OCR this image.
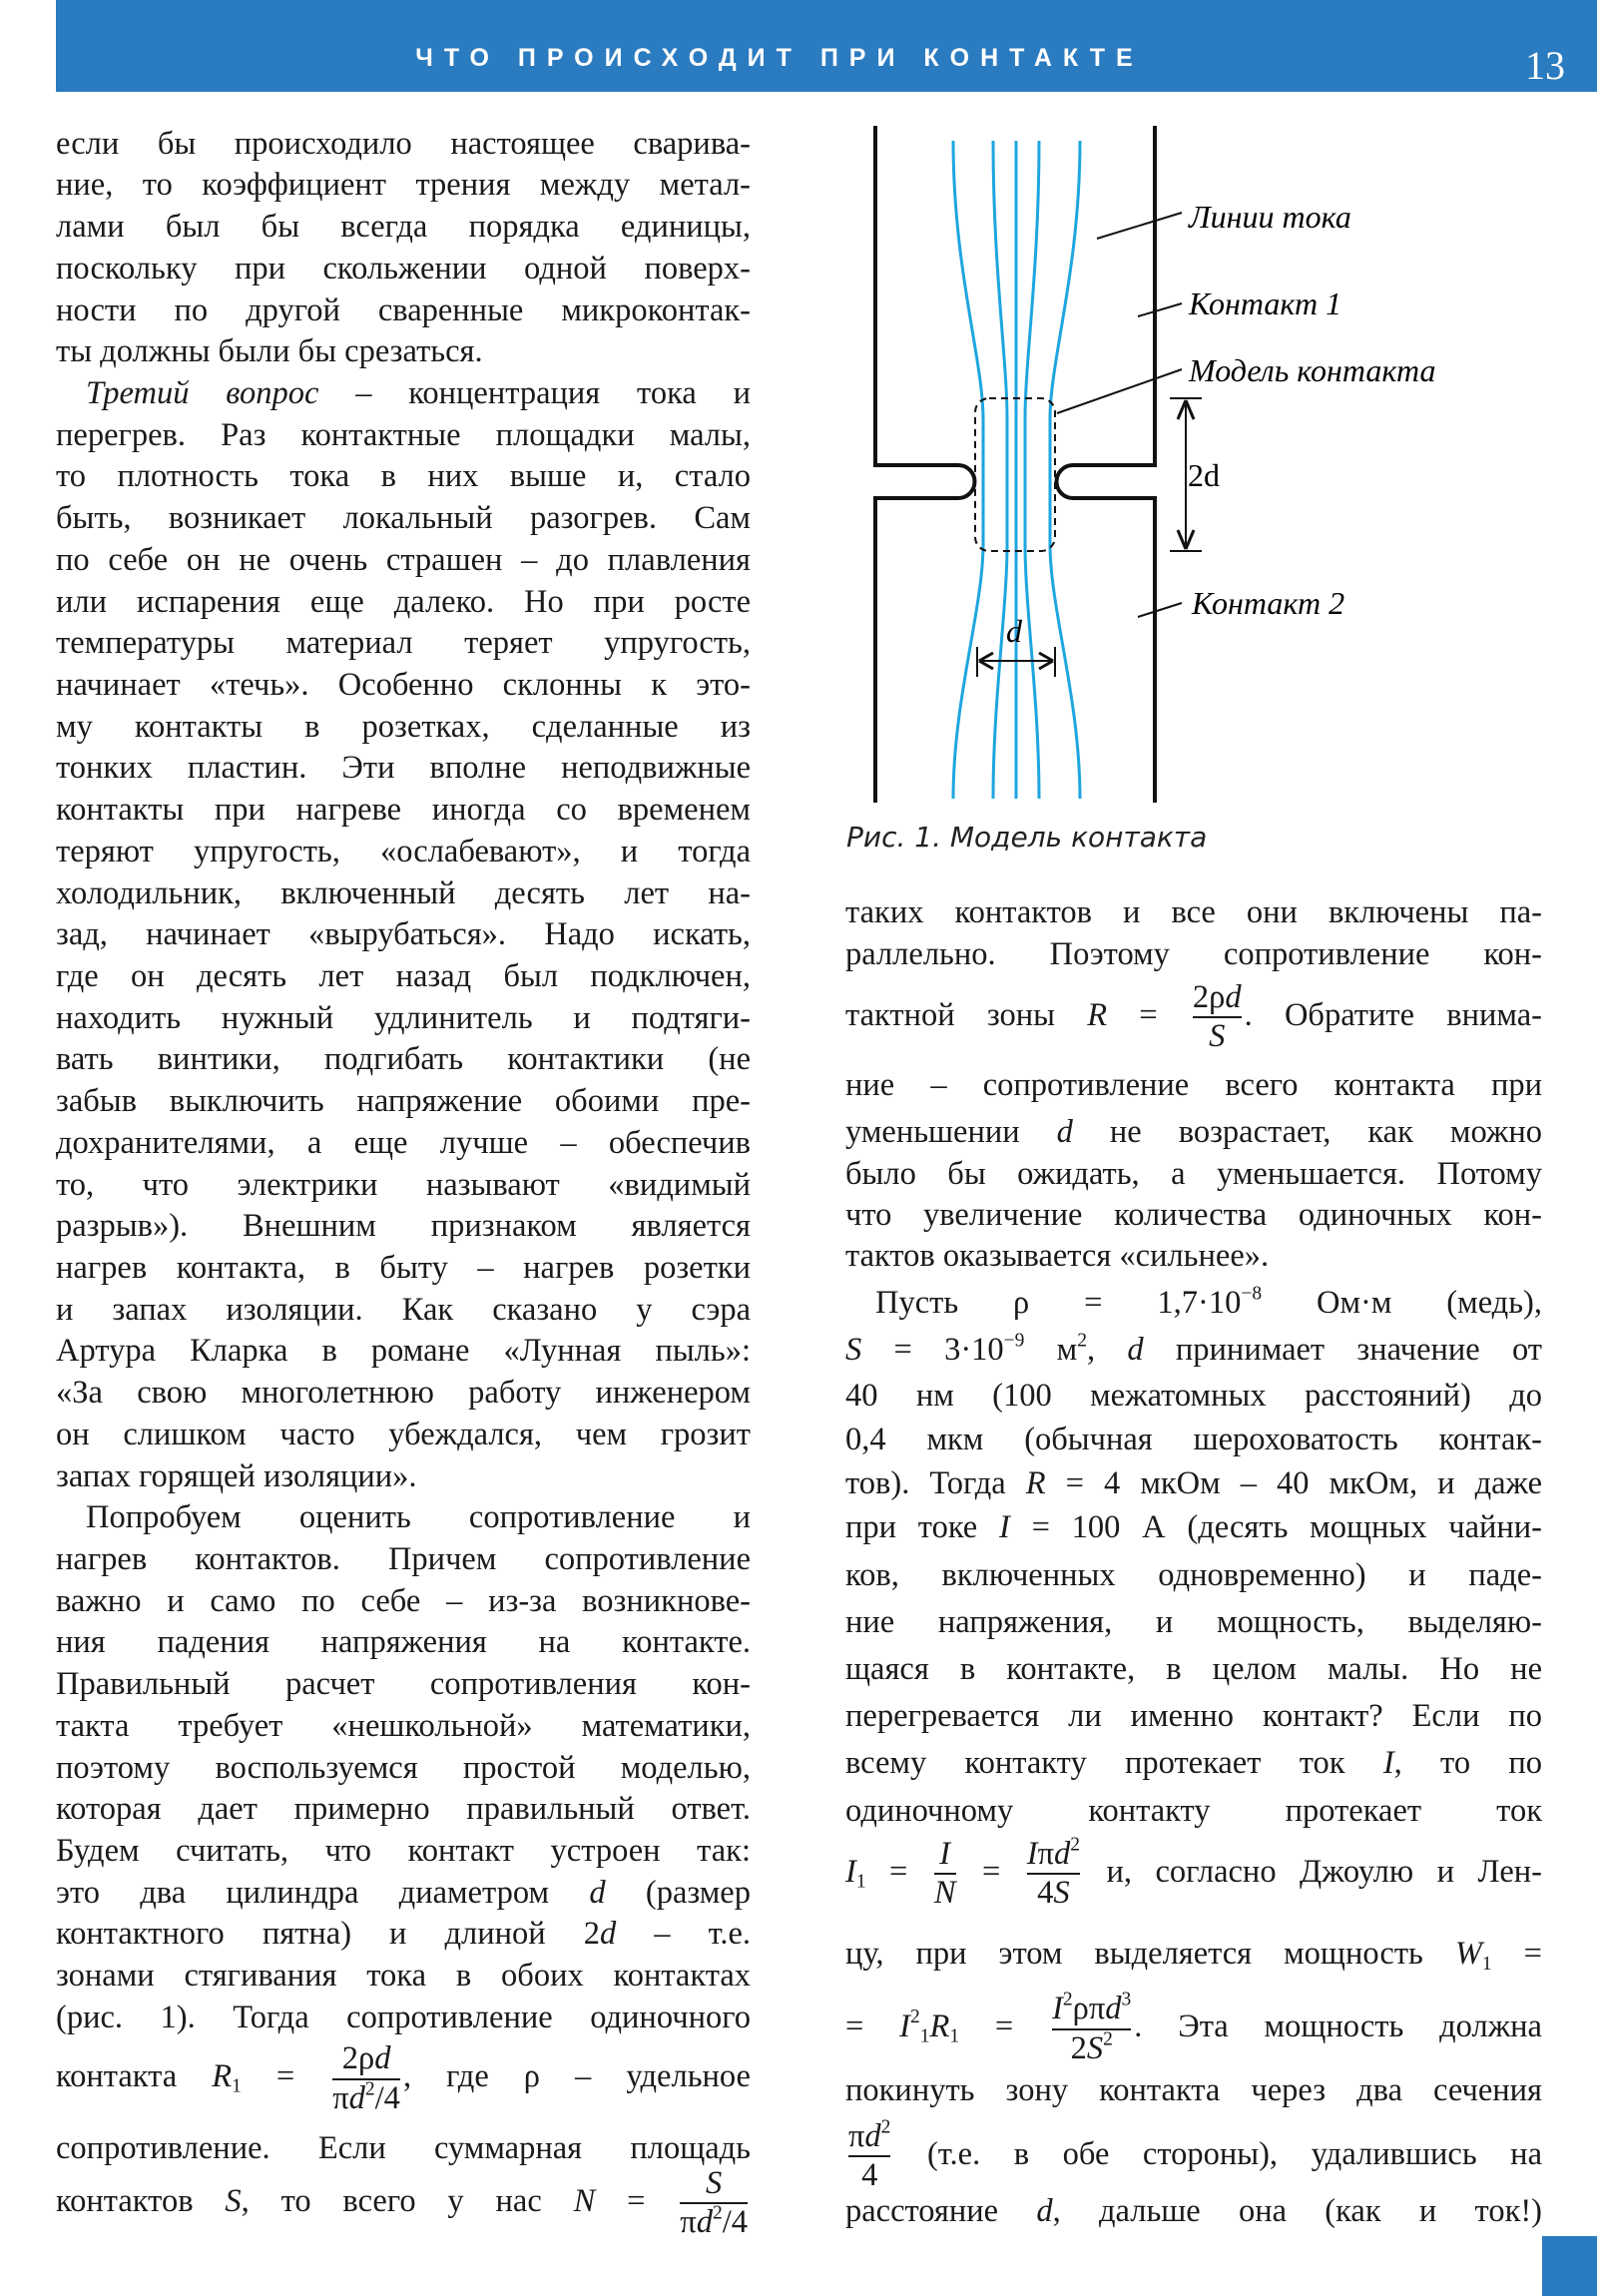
ЧТО ПРОИСХОДИТ ПРИ КОНТАКТЕ	13
если бы происходило настоящее сварива-
ние, то коэффициент трения между метал-
лами был бы всегда порядка единицы,
поскольку при скольжении одной поверх-
ности по другой сваренные микроконтак-
ты должны были бы срезаться.
Третий вопрос – концентрация тока и
перегрев. Раз контактные площадки малы,
то плотность тока в них выше и, стало
быть, возникает локальный разогрев. Сам
по себе он не очень страшен – до плавления
или испарения еще далеко. Но при росте
температуры материал теряет упругость,
начинает «течь». Особенно склонны к это-
му контакты в розетках, сделанные из
тонких пластин. Эти вполне неподвижные
контакты при нагреве иногда со временем
теряют упругость, «ослабевают», и тогда
холодильник, включенный десять лет на-
зад, начинает «вырубаться». Надо искать,
где он десять лет назад был подключен,
находить нужный удлинитель и подтяги-
вать винтики, подгибать контактики (не
забыв выключить напряжение обоими пре-
дохранителями, а еще лучше – обеспечив
то, что электрики называют «видимый
разрыв»). Внешним признаком является
нагрев контакта, в быту – нагрев розетки
и запах изоляции. Как сказано у сэра
Артура Кларка в романе «Лунная пыль»:
«За свою многолетнюю работу инженером
он слишком часто убеждался, чем грозит
запах горящей изоляции».
Попробуем оценить сопротивление и
нагрев контактов. Причем сопротивление
важно и само по себе – из-за возникнове-
ния падения напряжения на контакте.
Правильный расчет сопротивления кон-
такта требует «нешкольной» математики,
поэтому воспользуемся простой моделью,
которая дает примерно правильный ответ.
Будем считать, что контакт устроен так:
это два цилиндра диаметром d (размер
контактного пятна) и длиной 2d – т.е.
зонами стягивания тока в обоих контактах
(рис. 1). Тогда сопротивление одиночного
контакта $R_1 = \frac{2\rho d}{\pi d^2/4}$ , где ρ – удельное
сопротивление. Если суммарная площадь
контактов S, то всего у нас $N = \frac{S}{\pi d^2/4}$
таких контактов и все они включены па-
раллельно. Поэтому сопротивление кон-
тактной зоны $R = \frac{2\rho d}{S}$ . Обратите внима-
ние – сопротивление всего контакта при
уменьшении d не возрастает, как можно
было бы ожидать, а уменьшается. Потому
что увеличение количества одиночных кон-
тактов оказывается «сильнее».
Пусть $\rho = 1,7\cdot 10^{-8}$ Ом·м (медь),
$S = 3\cdot 10^{-9}$ $м^2$, d принимает значение от
40 нм (100 межатомных расстояний) до
0,4 мкм (обычная шероховатость контак-
тов). Тогда R = 4 мкОм – 40 мкОм, и даже
при токе I = 100 А (десять мощных чайни-
ков, включенных одновременно) и паде-
ние напряжения, и мощность, выделяю-
щаяся в контакте, в целом малы. Но не
перегревается ли именно контакт? Если по
всему контакту протекает ток I, то по
одиночному контакту протекает ток
$I_1 = \frac{I}{N} = \frac{I\pi d^2}{4S} и$, согласно Джоулю и Лен-
цу, при этом выделяется мощность $W_1$ =
= $I^2_1R_1 = \frac{I^2\rho\pi d^3}{2S^2}$ . Эта мощность должна
покинуть зону контакта через два сечения
$\frac{\pi d^2}{4} (т.е$. в обе стороны), удалившись на
расстояние d, дальше она (как и ток!)
Линии тока
Контакт 1
Модель контакта
Контакт 2
2d
d
Рис. 1. Модель контакта
